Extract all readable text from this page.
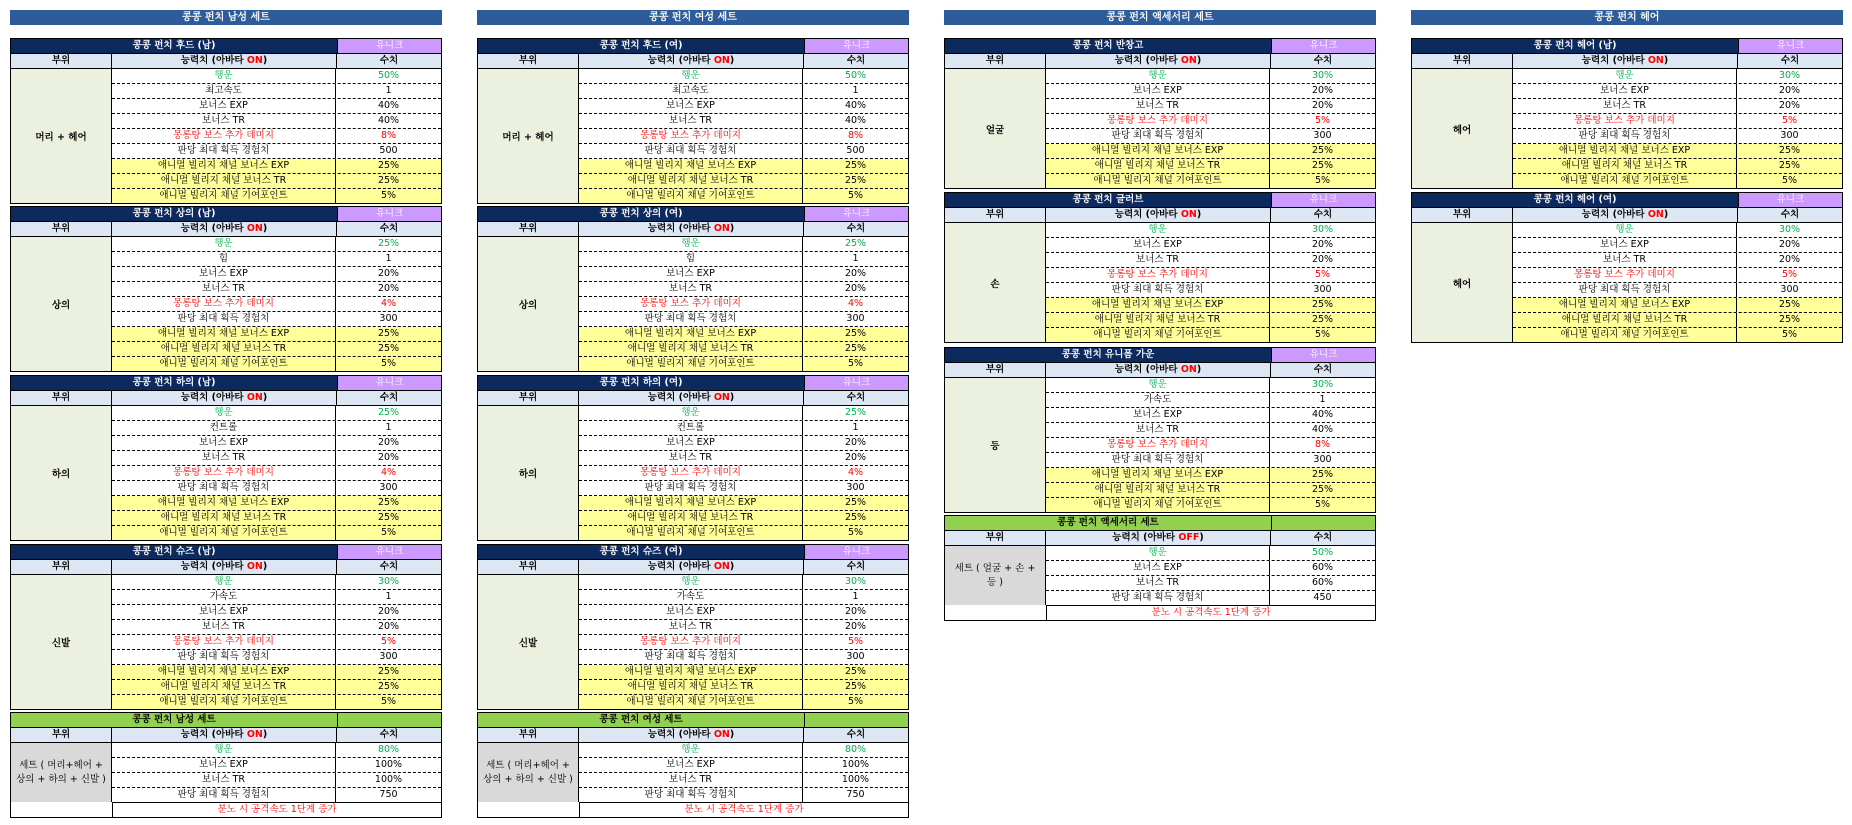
콩콩 펀치 남성 세트
콩콩 펀치 후드 (남)	유니크
부위	능력치 (아바타 ON)	수치
머리 + 헤어
행운	50%
최고속도	1
보너스 EXP	40%
보너스 TR	40%
몽롱탕 보스 추가 데미지	8%
판당 최대 획득 경험치	500
애니멀 빌리지 채널 보너스 EXP	25%
애니멀 빌리지 채널 보너스 TR	25%
애니멀 빌리지 채널 기여포인트	5%
콩콩 펀치 상의 (남)	유니크
부위	능력치 (아바타 ON)	수치
상의
행운	25%
힘	1
보너스 EXP	20%
보너스 TR	20%
몽롱탕 보스 추가 데미지	4%
판당 최대 획득 경험치	300
애니멀 빌리지 채널 보너스 EXP	25%
애니멀 빌리지 채널 보너스 TR	25%
애니멀 빌리지 채널 기여포인트	5%
콩콩 펀치 하의 (남)	유니크
부위	능력치 (아바타 ON)	수치
하의
행운	25%
컨트롤	1
보너스 EXP	20%
보너스 TR	20%
몽롱탕 보스 추가 데미지	4%
판당 최대 획득 경험치	300
애니멀 빌리지 채널 보너스 EXP	25%
애니멀 빌리지 채널 보너스 TR	25%
애니멀 빌리지 채널 기여포인트	5%
콩콩 펀치 슈즈 (남)	유니크
부위	능력치 (아바타 ON)	수치
신발
행운	30%
가속도	1
보너스 EXP	20%
보너스 TR	20%
몽롱탕 보스 추가 데미지	5%
판당 최대 획득 경험치	300
애니멀 빌리지 채널 보너스 EXP	25%
애니멀 빌리지 채널 보너스 TR	25%
애니멀 빌리지 채널 기여포인트	5%
콩콩 펀치 남성 세트
부위	능력치 (아바타 ON)	수치
세트 ( 머리+헤어 + 상의 + 하의 + 신발 )
행운	80%
보너스 EXP	100%
보너스 TR	100%
판당 최대 획득 경험치	750
분노 시 공격속도 1단계 증가
콩콩 펀치 여성 세트
콩콩 펀치 후드 (여)	유니크
부위	능력치 (아바타 ON)	수치
머리 + 헤어
행운	50%
최고속도	1
보너스 EXP	40%
보너스 TR	40%
몽롱탕 보스 추가 데미지	8%
판당 최대 획득 경험치	500
애니멀 빌리지 채널 보너스 EXP	25%
애니멀 빌리지 채널 보너스 TR	25%
애니멀 빌리지 채널 기여포인트	5%
콩콩 펀치 상의 (여)	유니크
부위	능력치 (아바타 ON)	수치
상의
행운	25%
힘	1
보너스 EXP	20%
보너스 TR	20%
몽롱탕 보스 추가 데미지	4%
판당 최대 획득 경험치	300
애니멀 빌리지 채널 보너스 EXP	25%
애니멀 빌리지 채널 보너스 TR	25%
애니멀 빌리지 채널 기여포인트	5%
콩콩 펀치 하의 (여)	유니크
부위	능력치 (아바타 ON)	수치
하의
행운	25%
컨트롤	1
보너스 EXP	20%
보너스 TR	20%
몽롱탕 보스 추가 데미지	4%
판당 최대 획득 경험치	300
애니멀 빌리지 채널 보너스 EXP	25%
애니멀 빌리지 채널 보너스 TR	25%
애니멀 빌리지 채널 기여포인트	5%
콩콩 펀치 슈즈 (여)	유니크
부위	능력치 (아바타 ON)	수치
신발
행운	30%
가속도	1
보너스 EXP	20%
보너스 TR	20%
몽롱탕 보스 추가 데미지	5%
판당 최대 획득 경험치	300
애니멀 빌리지 채널 보너스 EXP	25%
애니멀 빌리지 채널 보너스 TR	25%
애니멀 빌리지 채널 기여포인트	5%
콩콩 펀치 여성 세트
부위	능력치 (아바타 ON)	수치
세트 ( 머리+헤어 + 상의 + 하의 + 신발 )
행운	80%
보너스 EXP	100%
보너스 TR	100%
판당 최대 획득 경험치	750
분노 시 공격속도 1단계 증가
콩콩 펀치 액세서리 세트
콩콩 펀치 반창고	유니크
부위	능력치 (아바타 ON)	수치
얼굴
행운	30%
보너스 EXP	20%
보너스 TR	20%
몽롱탕 보스 추가 데미지	5%
판당 최대 획득 경험치	300
애니멀 빌리지 채널 보너스 EXP	25%
애니멀 빌리지 채널 보너스 TR	25%
애니멀 빌리지 채널 기여포인트	5%
콩콩 펀치 글러브	유니크
부위	능력치 (아바타 ON)	수치
손
행운	30%
보너스 EXP	20%
보너스 TR	20%
몽롱탕 보스 추가 데미지	5%
판당 최대 획득 경험치	300
애니멀 빌리지 채널 보너스 EXP	25%
애니멀 빌리지 채널 보너스 TR	25%
애니멀 빌리지 채널 기여포인트	5%
콩콩 펀치 유니폼 가운	유니크
부위	능력치 (아바타 ON)	수치
등
행운	30%
가속도	1
보너스 EXP	40%
보너스 TR	40%
몽롱탕 보스 추가 데미지	8%
판당 최대 획득 경험치	300
애니멀 빌리지 채널 보너스 EXP	25%
애니멀 빌리지 채널 보너스 TR	25%
애니멀 빌리지 채널 기여포인트	5%
콩콩 펀치 액세서리 세트
부위	능력치 (아바타 OFF)	수치
세트 ( 얼굴 + 손 + 등 )
행운	50%
보너스 EXP	60%
보너스 TR	60%
판당 최대 획득 경험치	450
분노 시 공격속도 1단계 증가
콩콩 펀치 헤어
콩콩 펀치 헤어 (남)	유니크
부위	능력치 (아바타 ON)	수치
헤어
행운	30%
보너스 EXP	20%
보너스 TR	20%
몽롱탕 보스 추가 데미지	5%
판당 최대 획득 경험치	300
애니멀 빌리지 채널 보너스 EXP	25%
애니멀 빌리지 채널 보너스 TR	25%
애니멀 빌리지 채널 기여포인트	5%
콩콩 펀치 헤어 (여)	유니크
부위	능력치 (아바타 ON)	수치
헤어
행운	30%
보너스 EXP	20%
보너스 TR	20%
몽롱탕 보스 추가 데미지	5%
판당 최대 획득 경험치	300
애니멀 빌리지 채널 보너스 EXP	25%
애니멀 빌리지 채널 보너스 TR	25%
애니멀 빌리지 채널 기여포인트	5%
